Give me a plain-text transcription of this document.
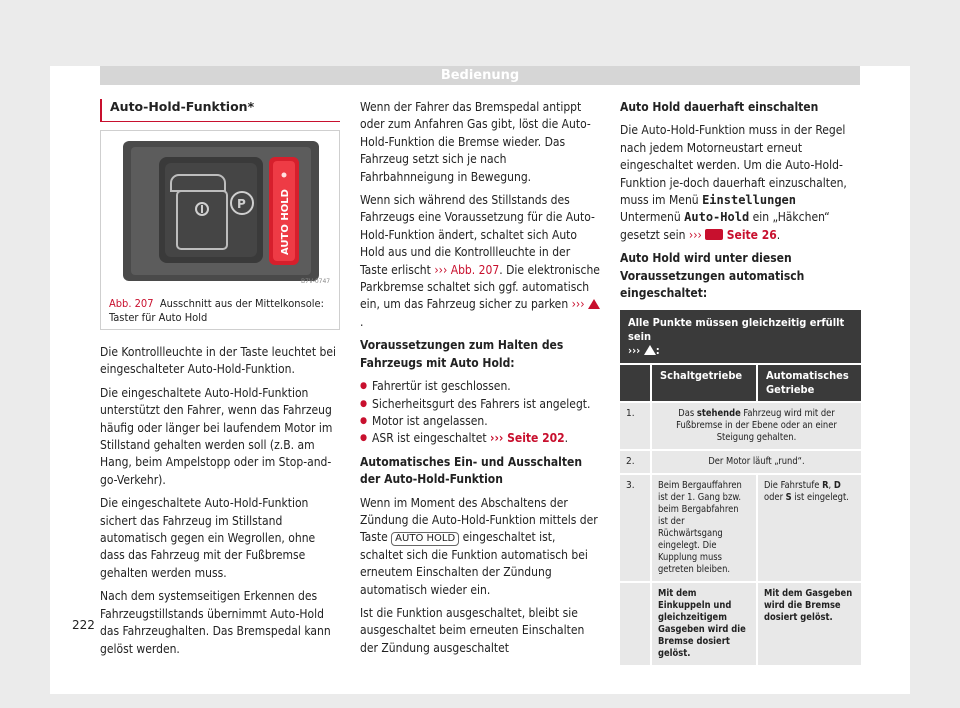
Bedienung
Auto-Hold-Funktion*
P	AUTO HOLD
B7V-0747
Abb. 207 Ausschnitt aus der Mittelkonsole: Taster für Auto Hold

Die Kontrollleuchte in der Taste leuchtet bei eingeschalteter Auto-Hold-Funktion.

Die eingeschaltete Auto-Hold-Funktion unterstützt den Fahrer, wenn das Fahrzeug häufig oder länger bei laufendem Motor im Stillstand gehalten werden soll (z.B. am Hang, beim Ampelstopp oder im Stop-and-go-Verkehr).

Die eingeschaltete Auto-Hold-Funktion sichert das Fahrzeug im Stillstand automatisch gegen ein Wegrollen, ohne dass das Fahrzeug mit der Fußbremse gehalten werden muss.

Nach dem systemseitigen Erkennen des Fahrzeugstillstands übernimmt Auto-Hold das Fahrzeughalten. Das Bremspedal kann gelöst werden.

Wenn der Fahrer das Bremspedal antippt oder zum Anfahren Gas gibt, löst die Auto-Hold-Funktion die Bremse wieder. Das Fahrzeug setzt sich je nach Fahrbahnneigung in Bewegung.

Wenn sich während des Stillstands des Fahrzeugs eine Voraussetzung für die Auto-Hold-Funktion ändert, schaltet sich Auto Hold aus und die Kontrollleuchte in der Taste erlischt ››› Abb. 207. Die elektronische Parkbremse schaltet sich ggf. automatisch ein, um das Fahrzeug sicher zu parken ››› .

Voraussetzungen zum Halten des Fahrzeugs mit Auto Hold:

● Fahrertür ist geschlossen.
● Sicherheitsgurt des Fahrers ist angelegt.
● Motor ist angelassen.
● ASR ist eingeschaltet ››› Seite 202.

Automatisches Ein- und Ausschalten der Auto-Hold-Funktion

Wenn im Moment des Abschaltens der Zündung die Auto-Hold-Funktion mittels der Taste AUTO HOLD eingeschaltet ist, schaltet sich die Funktion automatisch bei erneutem Einschalten der Zündung automatisch wieder ein.

Ist die Funktion ausgeschaltet, bleibt sie ausgeschaltet beim erneuten Einschalten der Zündung ausgeschaltet

Auto Hold dauerhaft einschalten

Die Auto-Hold-Funktion muss in der Regel nach jedem Motorneustart erneut eingeschaltet werden. Um die Auto-Hold-Funktion je-doch dauerhaft einzuschalten, muss im Menü Einstellungen Untermenü Auto-Hold ein „Häkchen“ gesetzt sein ››› Seite 26.

Auto Hold wird unter diesen Voraussetzungen automatisch eingeschaltet:

Alle Punkte müssen gleichzeitig erfüllt sein
››› :		
	Schaltgetriebe	Automatisches Getriebe
1.	Das stehende Fahrzeug wird mit der Fußbremse in der Ebene oder an einer Steigung gehalten.	
2.	Der Motor läuft „rund“.	
3.	Beim Bergauffahren ist der 1. Gang bzw. beim Bergabfahren ist der Rüchwärtsgang eingelegt. Die Kupplung muss getreten bleiben.	Die Fahrstufe R, D oder S ist eingelegt.
	Mit dem Einkuppeln und gleichzeitigem Gasgeben wird die Bremse dosiert gelöst.	Mit dem Gasgeben wird die Bremse dosiert gelöst.
222
